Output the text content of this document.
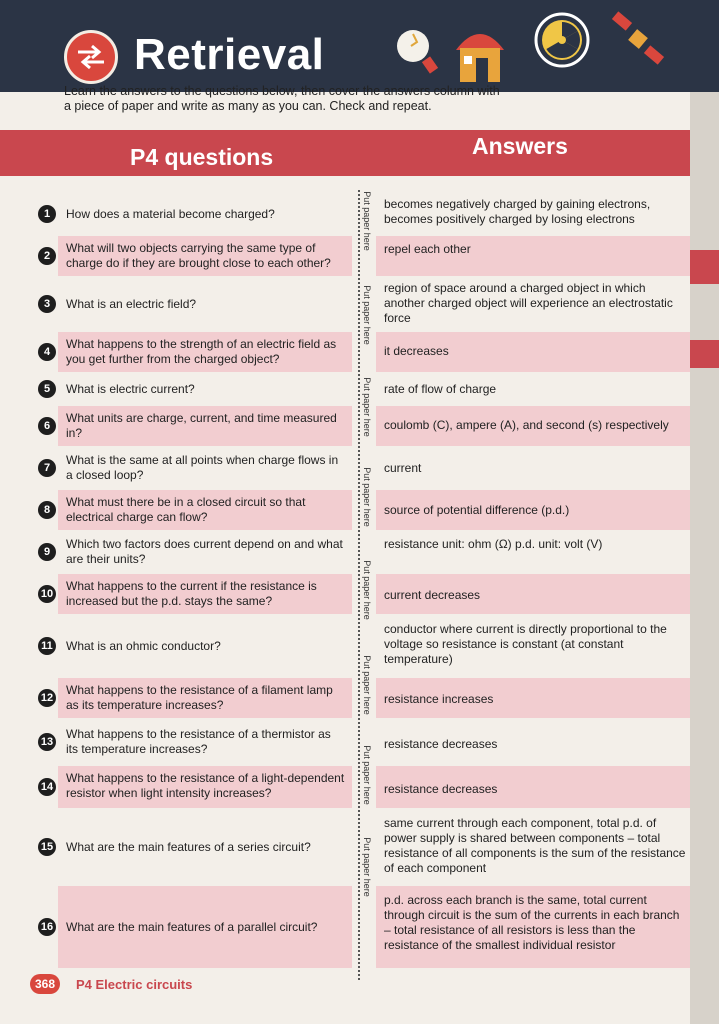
Retrieval
Learn the answers to the questions below, then cover the answers column with a piece of paper and write as many as you can. Check and repeat.
P4 questions	Answers
1
2
3
4
5
6
7
8
9
10
11
12
13
14
15
16
How does a material become charged?
What will two objects carrying the same type of charge do if they are brought close to each other?
What is an electric field?
What happens to the strength of an electric field as you get further from the charged object?
What is electric current?
What units are charge, current, and time measured in?
What is the same at all points when charge flows in a closed loop?
What must there be in a closed circuit so that electrical charge can flow?
Which two factors does current depend on and what are their units?
What happens to the current if the resistance is increased but the p.d. stays the same?
What is an ohmic conductor?
What happens to the resistance of a filament lamp as its temperature increases?
What happens to the resistance of a thermistor as its temperature increases?
What happens to the resistance of a light-dependent resistor when light intensity increases?
What are the main features of a series circuit?
What are the main features of a parallel circuit?
becomes negatively charged by gaining electrons, becomes positively charged by losing electrons
repel each other
region of space around a charged object in which another charged object will experience an electrostatic force
it decreases
rate of flow of charge
coulomb (C), ampere (A), and second (s) respectively
current
source of potential difference (p.d.)
resistance unit: ohm (Ω) p.d. unit: volt (V)
current decreases
conductor where current is directly proportional to the voltage so resistance is constant (at constant temperature)
resistance increases
resistance decreases
resistance decreases
same current through each component, total p.d. of power supply is shared between components – total resistance of all components is the sum of the resistance of each component
p.d. across each branch is the same, total current through circuit is the sum of the currents in each branch – total resistance of all resistors is less than the resistance of the smallest individual resistor
Put paper here
Put paper here
Put paper here
Put paper here
Put paper here
Put paper here
Put paper here
Put paper here
368	P4 Electric circuits
